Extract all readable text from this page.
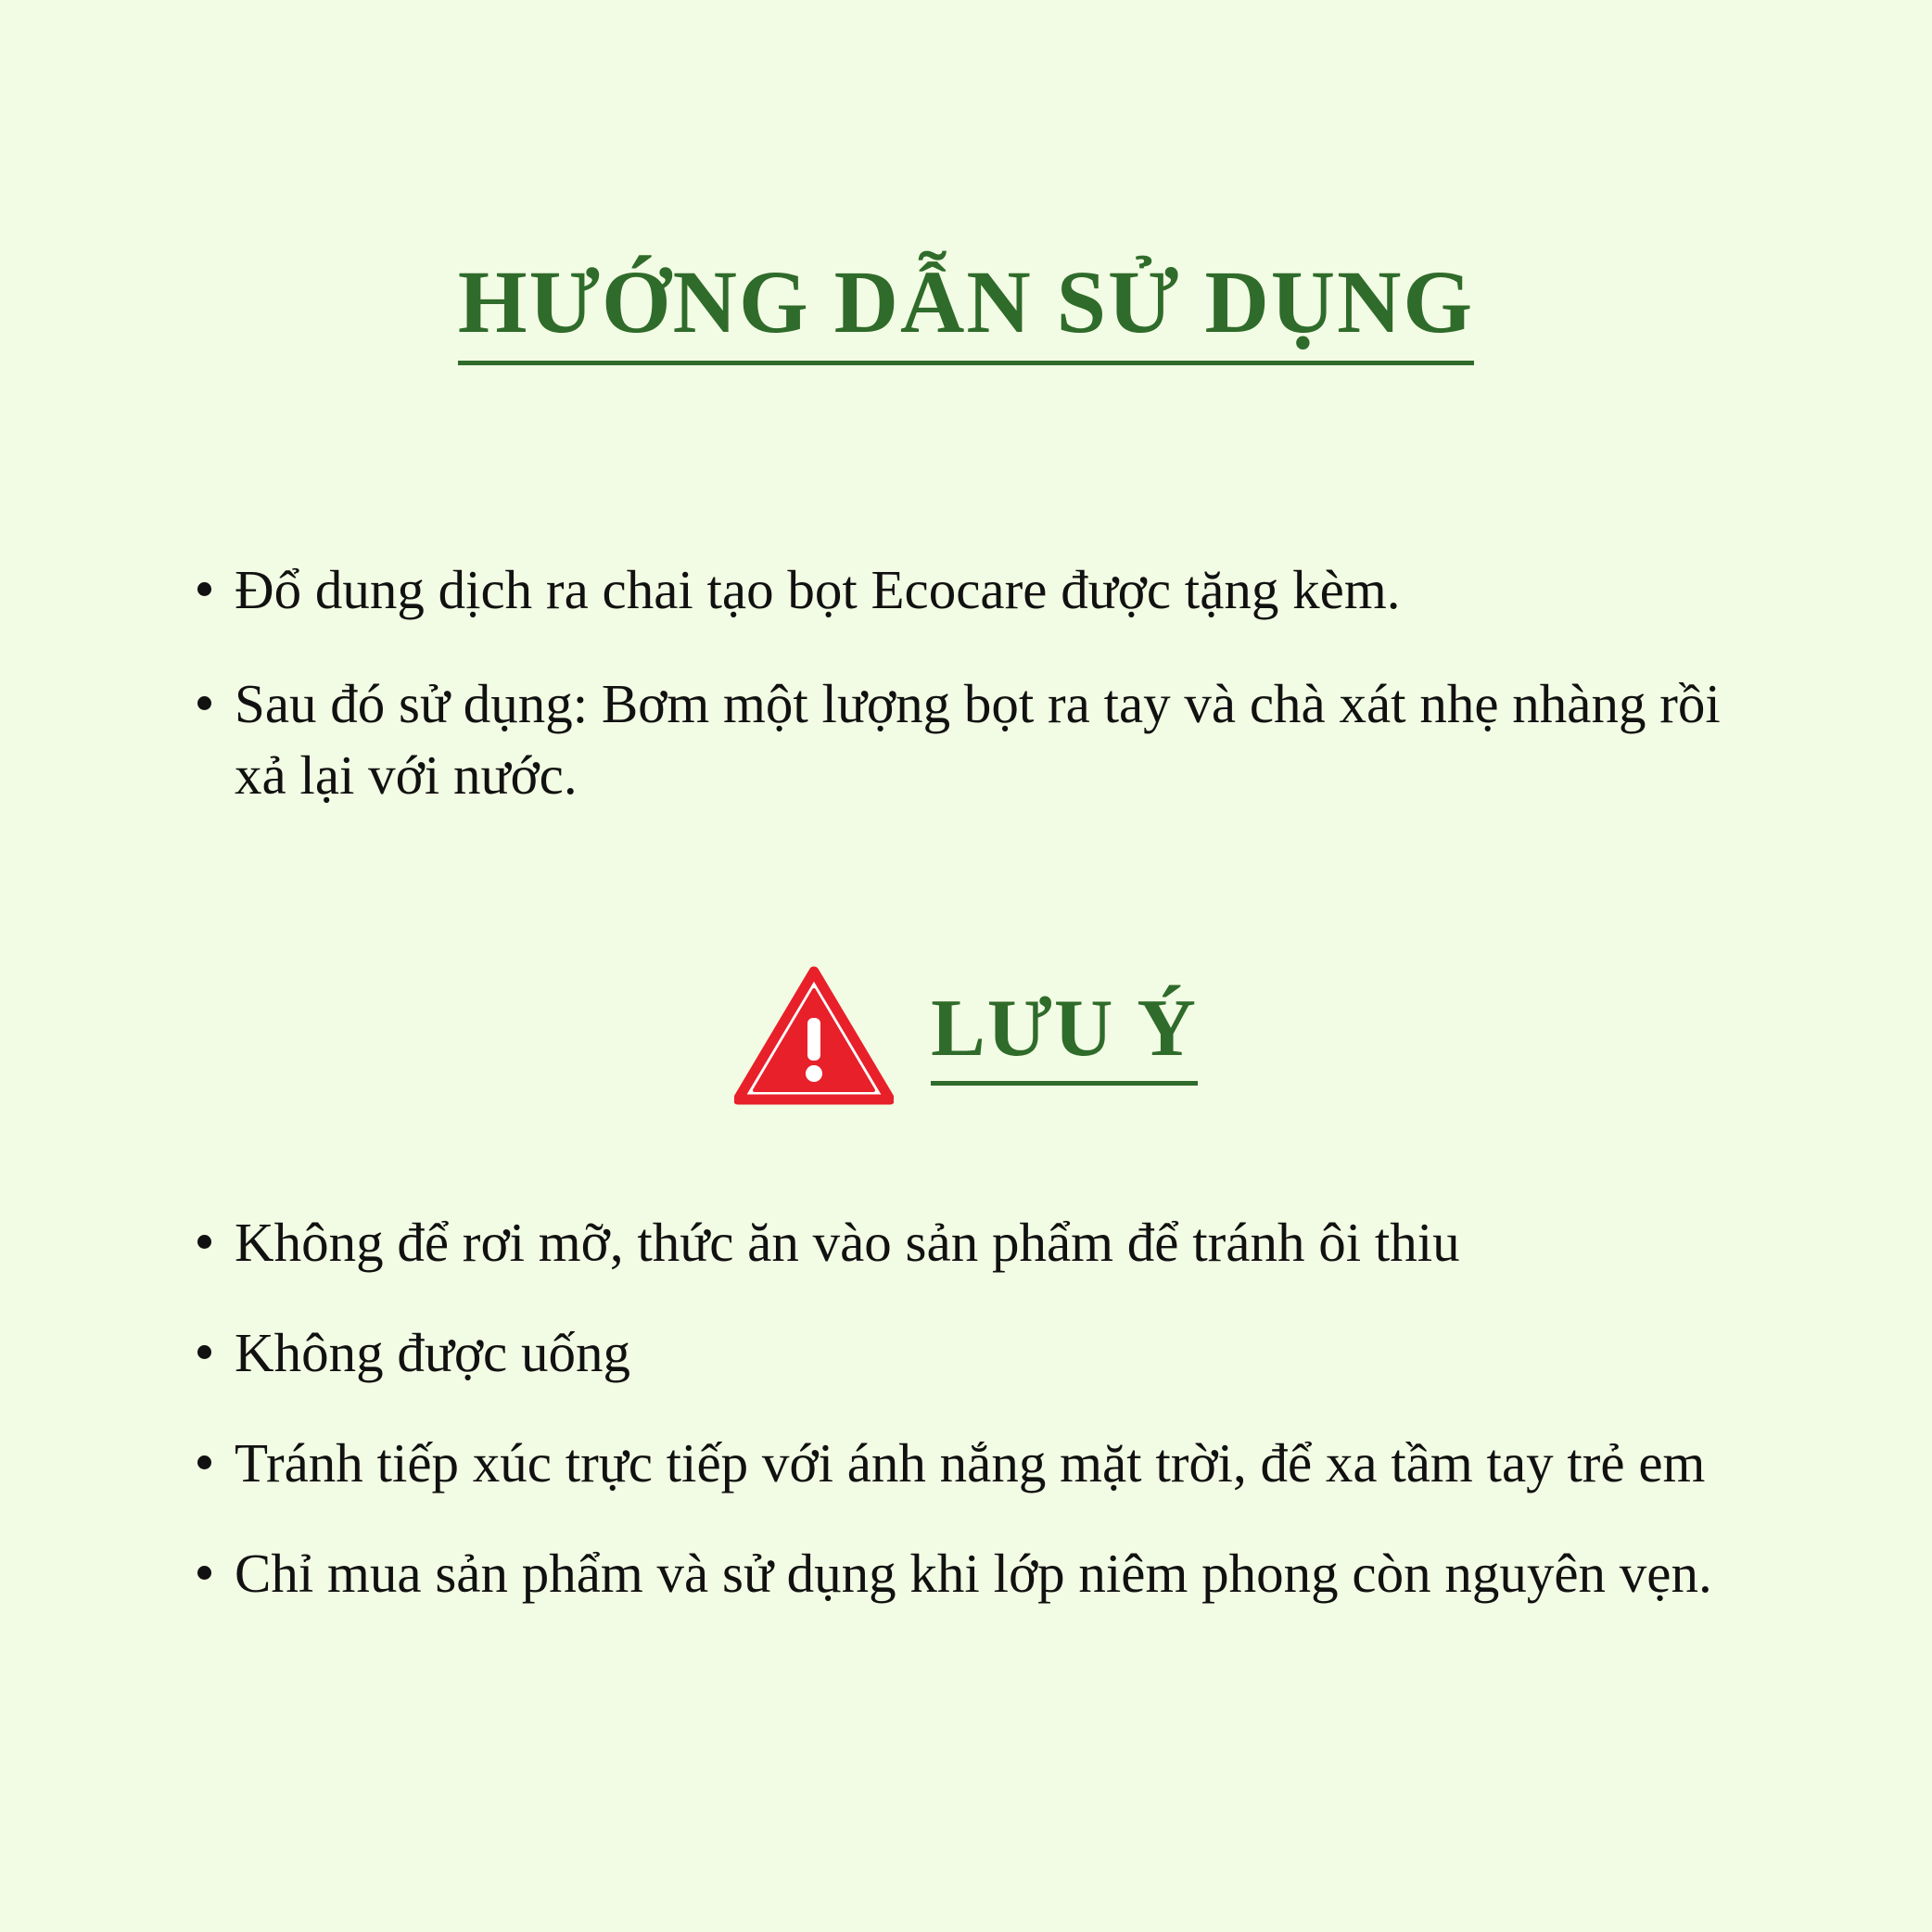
HƯỚNG DẪN SỬ DỤNG
Đổ dung dịch ra chai tạo bọt Ecocare được tặng kèm.
Sau đó sử dụng: Bơm một lượng bọt ra tay và chà xát nhẹ nhàng rồi xả lại với nước.
LƯU Ý
Không để rơi mỡ, thức ăn vào sản phẩm để tránh ôi thiu
Không được uống
Tránh tiếp xúc trực tiếp với ánh nắng mặt trời, để xa tầm tay trẻ em
Chỉ mua sản phẩm và sử dụng khi lớp niêm phong còn nguyên vẹn.
